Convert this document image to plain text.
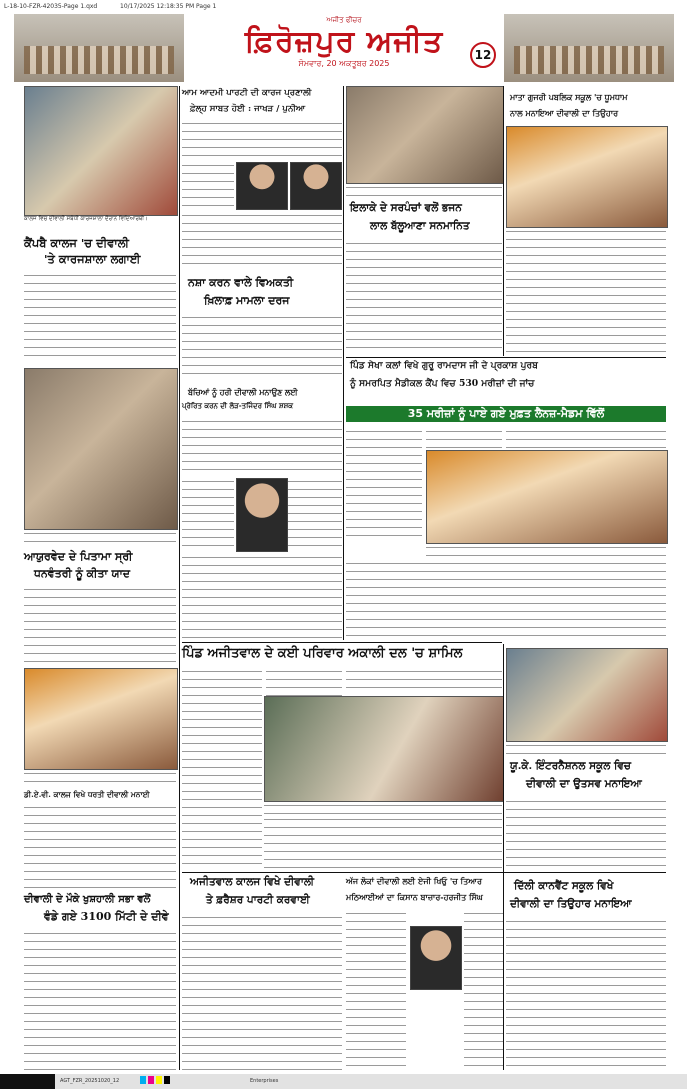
L-18-10-FZR-42035-Page 1.qxd	10/17/2025 12:18:35 PM Page 1
ਅਜੀਤ ਫੀਚਰ
ਫ਼ਿਰੋਜ਼ਪੁਰ ਅਜੀਤ
ਸੋਮਵਾਰ, 20 ਅਕਤੂਬਰ 2025
12
ਕਾਲਜ ਵਿਚ ਦੀਵਾਲੀ ਸਬੰਧੀ ਕਾਰਜਸ਼ਾਲਾ ਦੌਰਾਨ ਵਿਦਿਆਰਥੀ।
ਕੈਂਪਬੈ ਕਾਲਜ 'ਚ ਦੀਵਾਲੀ
'ਤੇ ਕਾਰਜਸ਼ਾਲਾ ਲਗਾਈ
ਆਯੁਰਵੇਦ ਦੇ ਪਿਤਾਮਾ ਸ੍ਰੀ
ਧਨਵੰਤਰੀ ਨੂੰ ਕੀਤਾ ਯਾਦ
ਡੀ.ਏ.ਵੀ. ਕਾਲਜ ਵਿਖੇ ਧਰਤੀ ਦੀਵਾਲੀ ਮਨਾਈ
ਦੀਵਾਲੀ ਦੇ ਮੌਕੇ ਖੁਸ਼ਹਾਲੀ ਸਭਾ ਵਲੋਂ
ਵੰਡੇ ਗਏ 3100 ਮਿੱਟੀ ਦੇ ਦੀਵੇ
ਆਮ ਆਦਮੀ ਪਾਰਟੀ ਦੀ ਕਾਰਜ ਪ੍ਰਣਾਲੀ
ਫ਼ੇਲ੍ਹ ਸਾਬਤ ਹੋਈ : ਜਾਖੜ / ਪੁਨੀਆ
ਨਸ਼ਾ ਕਰਨ ਵਾਲੇ ਵਿਅਕਤੀ
ਖ਼ਿਲਾਫ਼ ਮਾਮਲਾ ਦਰਜ
ਬੱਚਿਆਂ ਨੂੰ ਹਰੀ ਦੀਵਾਲੀ ਮਨਾਉਣ ਲਈ
ਪ੍ਰੇਰਿਤ ਕਰਨ ਦੀ ਲੋੜ-ਤਜਿੰਦਰ ਸਿੰਘ ਸ਼ਸ਼ਕ
ਪਿੰਡ ਅਜੀਤਵਾਲ ਦੇ ਕਈ ਪਰਿਵਾਰ ਅਕਾਲੀ ਦਲ 'ਚ ਸ਼ਾਮਿਲ
ਅਜੀਤਵਾਲ ਕਾਲਜ ਵਿਖੇ ਦੀਵਾਲੀ
ਤੇ ਫ਼ਰੈਸ਼ਰ ਪਾਰਟੀ ਕਰਵਾਈ
ਇਲਾਕੇ ਦੇ ਸਰਪੰਚਾਂ ਵਲੋਂ ਭਜਨ
ਲਾਲ ਬੱਲੂਆਣਾ ਸਨਮਾਨਿਤ
ਪਿੰਡ ਸੇਖਾ ਕਲਾਂ ਵਿਖੇ ਗੁਰੂ ਰਾਮਦਾਸ ਜੀ ਦੇ ਪ੍ਰਕਾਸ਼ ਪੁਰਬ
ਨੂੰ ਸਮਰਪਿਤ ਮੈਡੀਕਲ ਕੈਂਪ ਵਿਚ 530 ਮਰੀਜ਼ਾਂ ਦੀ ਜਾਂਚ
35 ਮਰੀਜ਼ਾਂ ਨੂੰ ਪਾਏ ਗਏ ਮੁਫ਼ਤ ਲੈਨਜ਼-ਮੈਡਮ ਵਿੱਲੋਂ
ਅੱਜ ਲੋਕਾਂ ਦੀਵਾਲੀ ਲਈ ਏਜੀ ਖਿਓੁ 'ਚ ਤਿਆਰ
ਮਠਿਆਈਆਂ ਦਾ ਕਿਸਾਨ ਬਾਜ਼ਾਰ-ਹਰਜੀਤ ਸਿੰਘ
ਮਾਤਾ ਗੁਜਰੀ ਪਬਲਿਕ ਸਕੂਲ 'ਚ ਧੂਮਧਾਮ
ਨਾਲ ਮਨਾਇਆ ਦੀਵਾਲੀ ਦਾ ਤਿਉਹਾਰ
ਯੂ.ਕੇ. ਇੰਟਰਨੈਸ਼ਨਲ ਸਕੂਲ ਵਿਚ
ਦੀਵਾਲੀ ਦਾ ਉਤਸਵ ਮਨਾਇਆ
ਦਿੱਲੀ ਕਾਨਵੈਂਟ ਸਕੂਲ ਵਿਖੇ
ਦੀਵਾਲੀ ਦਾ ਤਿਉਹਾਰ ਮਨਾਇਆ
AGT_FZR_20251020_12	Enterprises
